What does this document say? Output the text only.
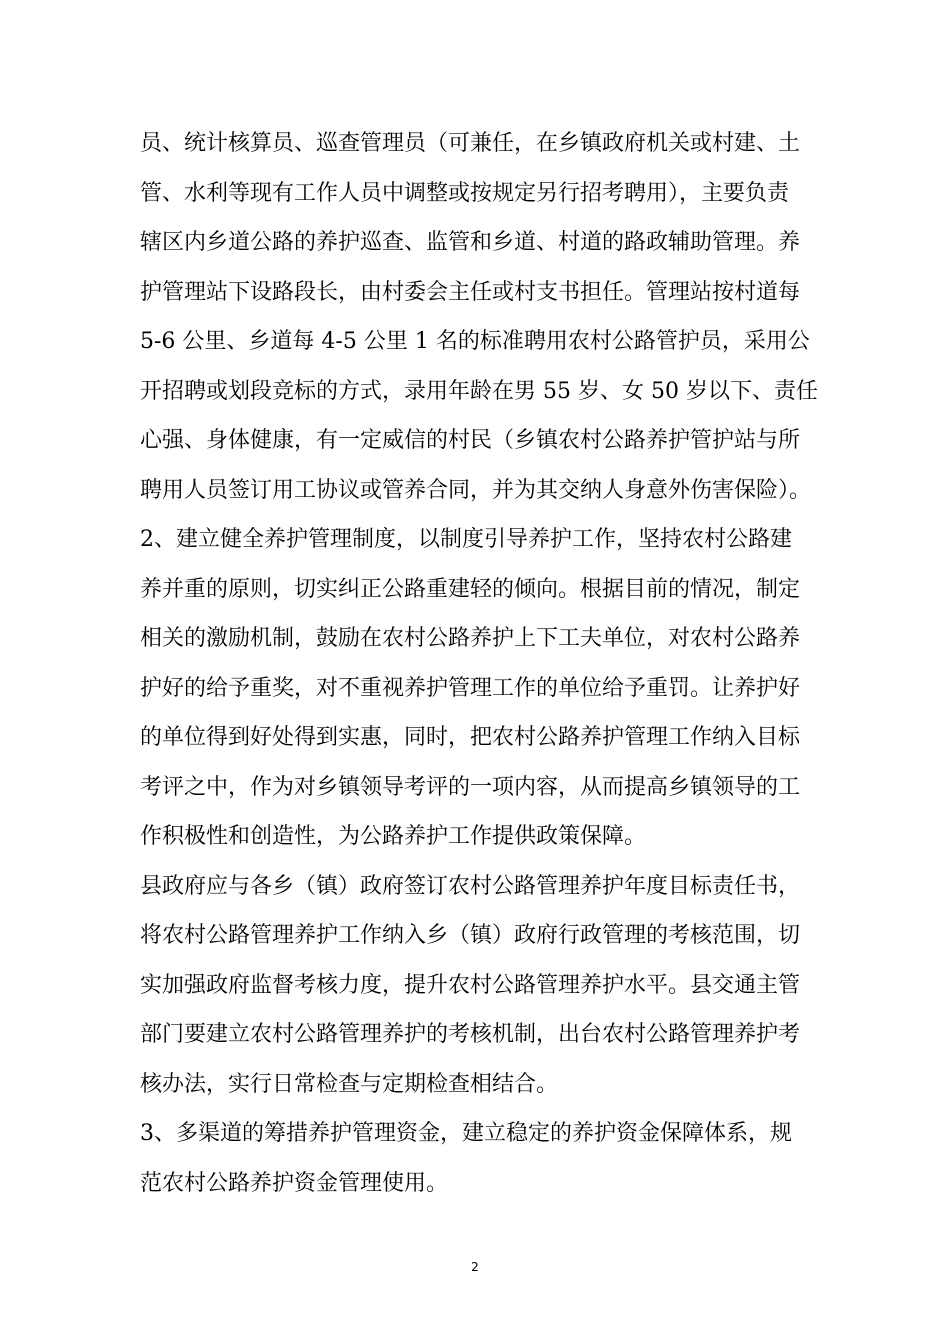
员、统计核算员、巡查管理员（可兼任，在乡镇政府机关或村建、土
管、水利等现有工作人员中调整或按规定另行招考聘用），主要负责
辖区内乡道公路的养护巡查、监管和乡道、村道的路政辅助管理。养
护管理站下设路段长，由村委会主任或村支书担任。管理站按村道每
5-6 公里、乡道每 4-5 公里 1 名的标准聘用农村公路管护员，采用公
开招聘或划段竞标的方式，录用年龄在男 55 岁、女 50 岁以下、责任
心强、身体健康，有一定威信的村民（乡镇农村公路养护管护站与所
聘用人员签订用工协议或管养合同，并为其交纳人身意外伤害保险）。
2、建立健全养护管理制度，以制度引导养护工作，坚持农村公路建
养并重的原则，切实纠正公路重建轻的倾向。根据目前的情况，制定
相关的激励机制，鼓励在农村公路养护上下工夫单位，对农村公路养
护好的给予重奖，对不重视养护管理工作的单位给予重罚。让养护好
的单位得到好处得到实惠，同时，把农村公路养护管理工作纳入目标
考评之中，作为对乡镇领导考评的一项内容，从而提高乡镇领导的工
作积极性和创造性，为公路养护工作提供政策保障。
县政府应与各乡（镇）政府签订农村公路管理养护年度目标责任书，
将农村公路管理养护工作纳入乡（镇）政府行政管理的考核范围，切
实加强政府监督考核力度，提升农村公路管理养护水平。县交通主管
部门要建立农村公路管理养护的考核机制，出台农村公路管理养护考
核办法，实行日常检查与定期检查相结合。
3、多渠道的筹措养护管理资金，建立稳定的养护资金保障体系，规
范农村公路养护资金管理使用。
2
